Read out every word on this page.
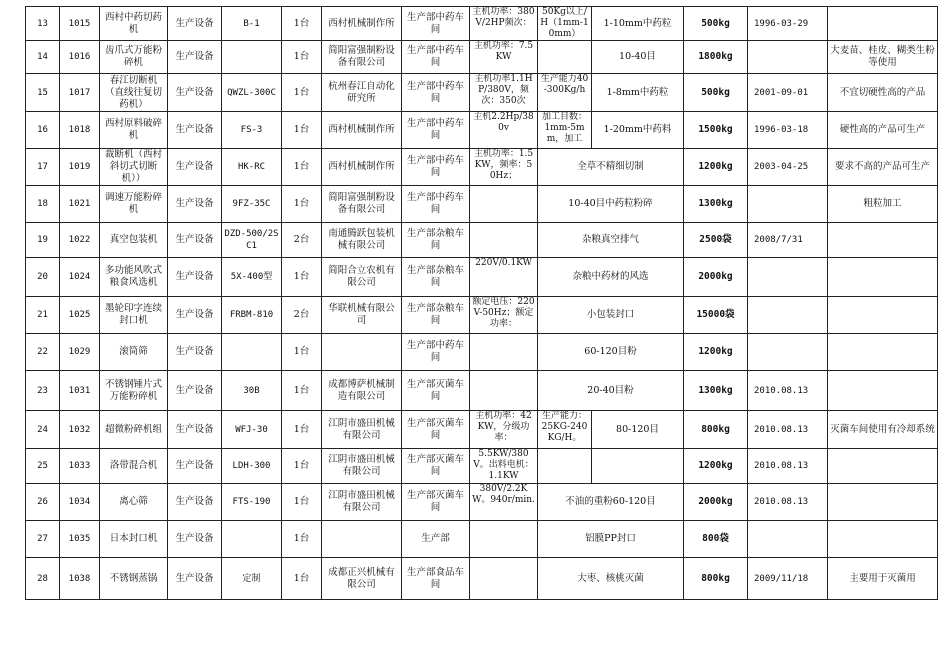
13	1015	西村中药切药机	生产设备	B-1	1台	西村机械制作所	生产部中药车间	主机功率：380V/2HP频次：	50Kg以上/H（1mm-10mm）	1-10mm中药粒	500kg	1996-03-29	
14	1016	齿爪式万能粉碎机	生产设备		1台	简阳富强制粉设备有限公司	生产部中药车间	主机功率：7.5KW		10-40目	1800kg		大麦苗、桂皮、糊类生粉等使用
15	1017	春江切断机（直线往复切药机）	生产设备	QWZL-300C	1台	杭州春江自动化研究所	生产部中药车间	主机功率1.1HP/380V，频次：350次	生产能力40-300Kg/h	1-8mm中药粒	500kg	2001-09-01	不宜切硬性高的产品
16	1018	西村原料破碎机	生产设备	FS-3	1台	西村机械制作所	生产部中药车间	主机2.2Hp/380v	加工目数：1mm-5mm，加工	1-20mm中药料	1500kg	1996-03-18	硬性高的产品可生产
17	1019	裁断机（西村斜切式切断机））	生产设备	HK-RC	1台	西村机械制作所	生产部中药车间	主机功率：1.5KW，频率：50Hz；	全草不精细切制		1200kg	2003-04-25	要求不高的产品可生产
18	1021	调速万能粉碎机	生产设备	9FZ-35C	1台	简阳富强制粉设备有限公司	生产部中药车间		10-40目中药粒粉碎		1300kg		粗粒加工
19	1022	真空包装机	生产设备	DZD-500/2SC1	2台	南通腾跃包装机械有限公司	生产部杂粮车间		杂粮真空排气		2500袋	2008/7/31	
20	1024	多功能风吹式粮食风选机	生产设备	5X-400型	1台	简阳合立农机有限公司	生产部杂粮车间	220V/0.1KW	杂粮中药材的风选		2000kg		
21	1025	墨轮印字连续封口机	生产设备	FRBM-810	2台	华联机械有限公司	生产部杂粮车间	额定电压：220V-50Hz；额定功率：	小包装封口		15000袋		
22	1029	滚筒筛	生产设备		1台		生产部中药车间		60-120目粉		1200kg		
23	1031	不锈钢锤片式万能粉碎机	生产设备	30B	1台	成都博萨机械制造有限公司	生产部灭菌车间		20-40目粉		1300kg	2010.08.13	
24	1032	超微粉碎机组	生产设备	WFJ-30	1台	江阴市盛田机械有限公司	生产部灭菌车间	主机功率：42KW，分级功率：	生产能力：25KG-240KG/H。	80-120目	800kg	2010.08.13	灭菌车间使用有冷却系统
25	1033	洛带混合机	生产设备	LDH-300	1台	江阴市盛田机械有限公司	生产部灭菌车间	5.5KW/380V。出料电机：1.1KW			1200kg	2010.08.13	
26	1034	离心筛	生产设备	FTS-190	1台	江阴市盛田机械有限公司	生产部灭菌车间	380V/2.2KW。940r/min.	不油的重粉60-120目		2000kg	2010.08.13	
27	1035	日本封口机	生产设备		1台		生产部		铝膜PP封口		800袋		
28	1038	不锈钢蒸锅	生产设备	定制	1台	成都正兴机械有限公司	生产部食品车间		大枣、核桃灭菌		800kg	2009/11/18	主要用于灭菌用
